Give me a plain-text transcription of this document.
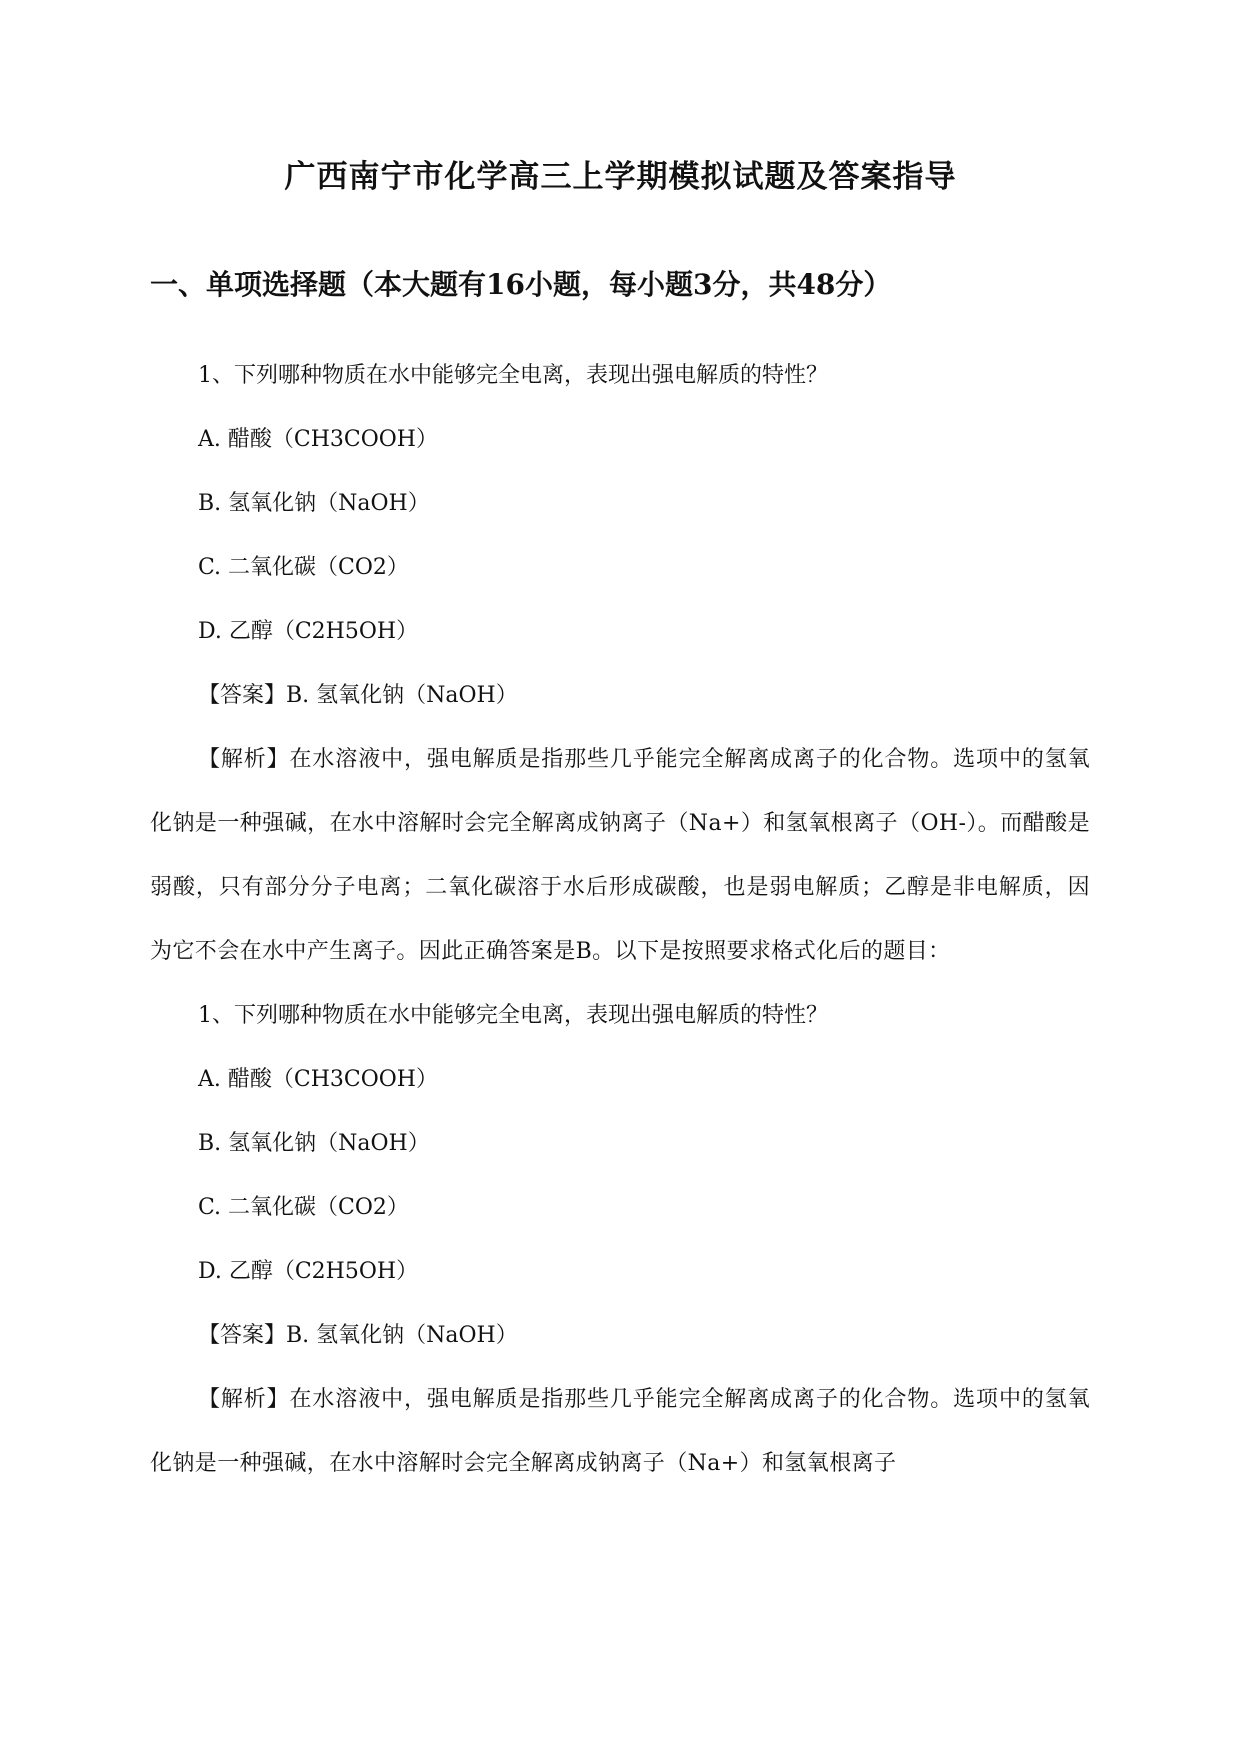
广西南宁市化学高三上学期模拟试题及答案指导
一、单项选择题（本大题有16小题，每小题3分，共48分）
1、下列哪种物质在水中能够完全电离，表现出强电解质的特性？
A. 醋酸（CH3COOH）
B. 氢氧化钠（NaOH）
C. 二氧化碳（CO2）
D. 乙醇（C2H5OH）
【答案】B. 氢氧化钠（NaOH）
【解析】在水溶液中，强电解质是指那些几乎能完全解离成离子的化合物。选项中的氢氧化钠是一种强碱，在水中溶解时会完全解离成钠离子（Na+）和氢氧根离子（OH-）。而醋酸是弱酸，只有部分分子电离；二氧化碳溶于水后形成碳酸，也是弱电解质；乙醇是非电解质，因为它不会在水中产生离子。因此正确答案是B。以下是按照要求格式化后的题目：
1、下列哪种物质在水中能够完全电离，表现出强电解质的特性？
A. 醋酸（CH3COOH）
B. 氢氧化钠（NaOH）
C. 二氧化碳（CO2）
D. 乙醇（C2H5OH）
【答案】B. 氢氧化钠（NaOH）
【解析】在水溶液中，强电解质是指那些几乎能完全解离成离子的化合物。选项中的氢氧化钠是一种强碱，在水中溶解时会完全解离成钠离子（Na+）和氢氧根离子
